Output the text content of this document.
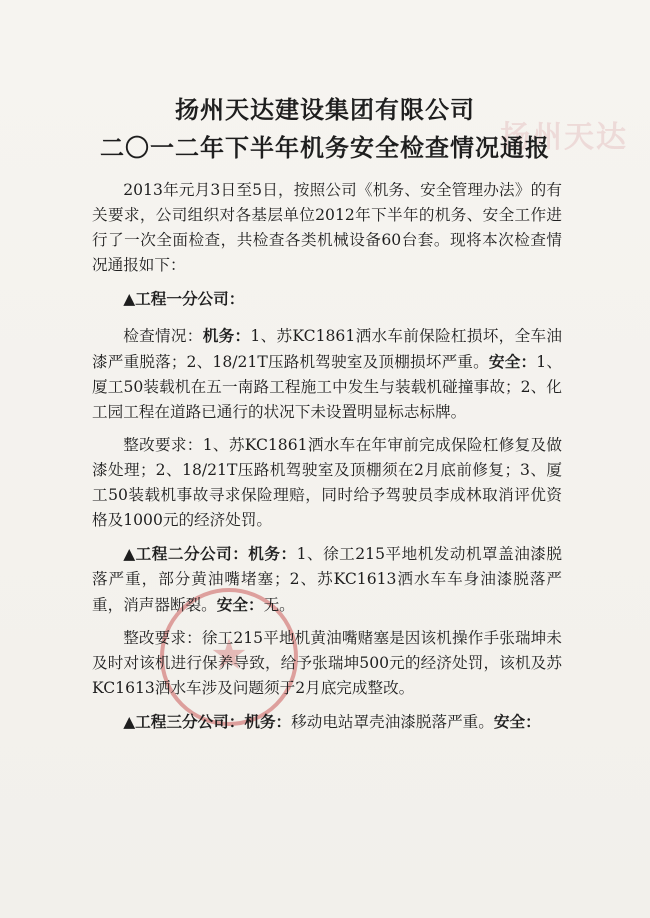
扬州天达
扬州天达建设集团有限公司
二〇一二年下半年机务安全检查情况通报

2013年元月3日至5日，按照公司《机务、安全管理办法》的有关要求，公司组织对各基层单位2012年下半年的机务、安全工作进行了一次全面检查，共检查各类机械设备60台套。现将本次检查情况通报如下：

▲工程一分公司：

检查情况：机务：1、苏KC1861洒水车前保险杠损坏，全车油漆严重脱落；2、18/21T压路机驾驶室及顶棚损坏严重。安全：1、厦工50装载机在五一南路工程施工中发生与装载机碰撞事故；2、化工园工程在道路已通行的状况下未设置明显标志标牌。

整改要求：1、苏KC1861洒水车在年审前完成保险杠修复及做漆处理；2、18/21T压路机驾驶室及顶棚须在2月底前修复；3、厦工50装载机事故寻求保险理赔，同时给予驾驶员李成林取消评优资格及1000元的经济处罚。

▲工程二分公司：机务：1、徐工215平地机发动机罩盖油漆脱落严重，部分黄油嘴堵塞；2、苏KC1613洒水车车身油漆脱落严重，消声器断裂。安全：无。

整改要求：徐工215平地机黄油嘴赌塞是因该机操作手张瑞坤未及时对该机进行保养导致，给予张瑞坤500元的经济处罚，该机及苏KC1613洒水车涉及问题须于2月底完成整改。

▲工程三分公司：机务：移动电站罩壳油漆脱落严重。安全：
